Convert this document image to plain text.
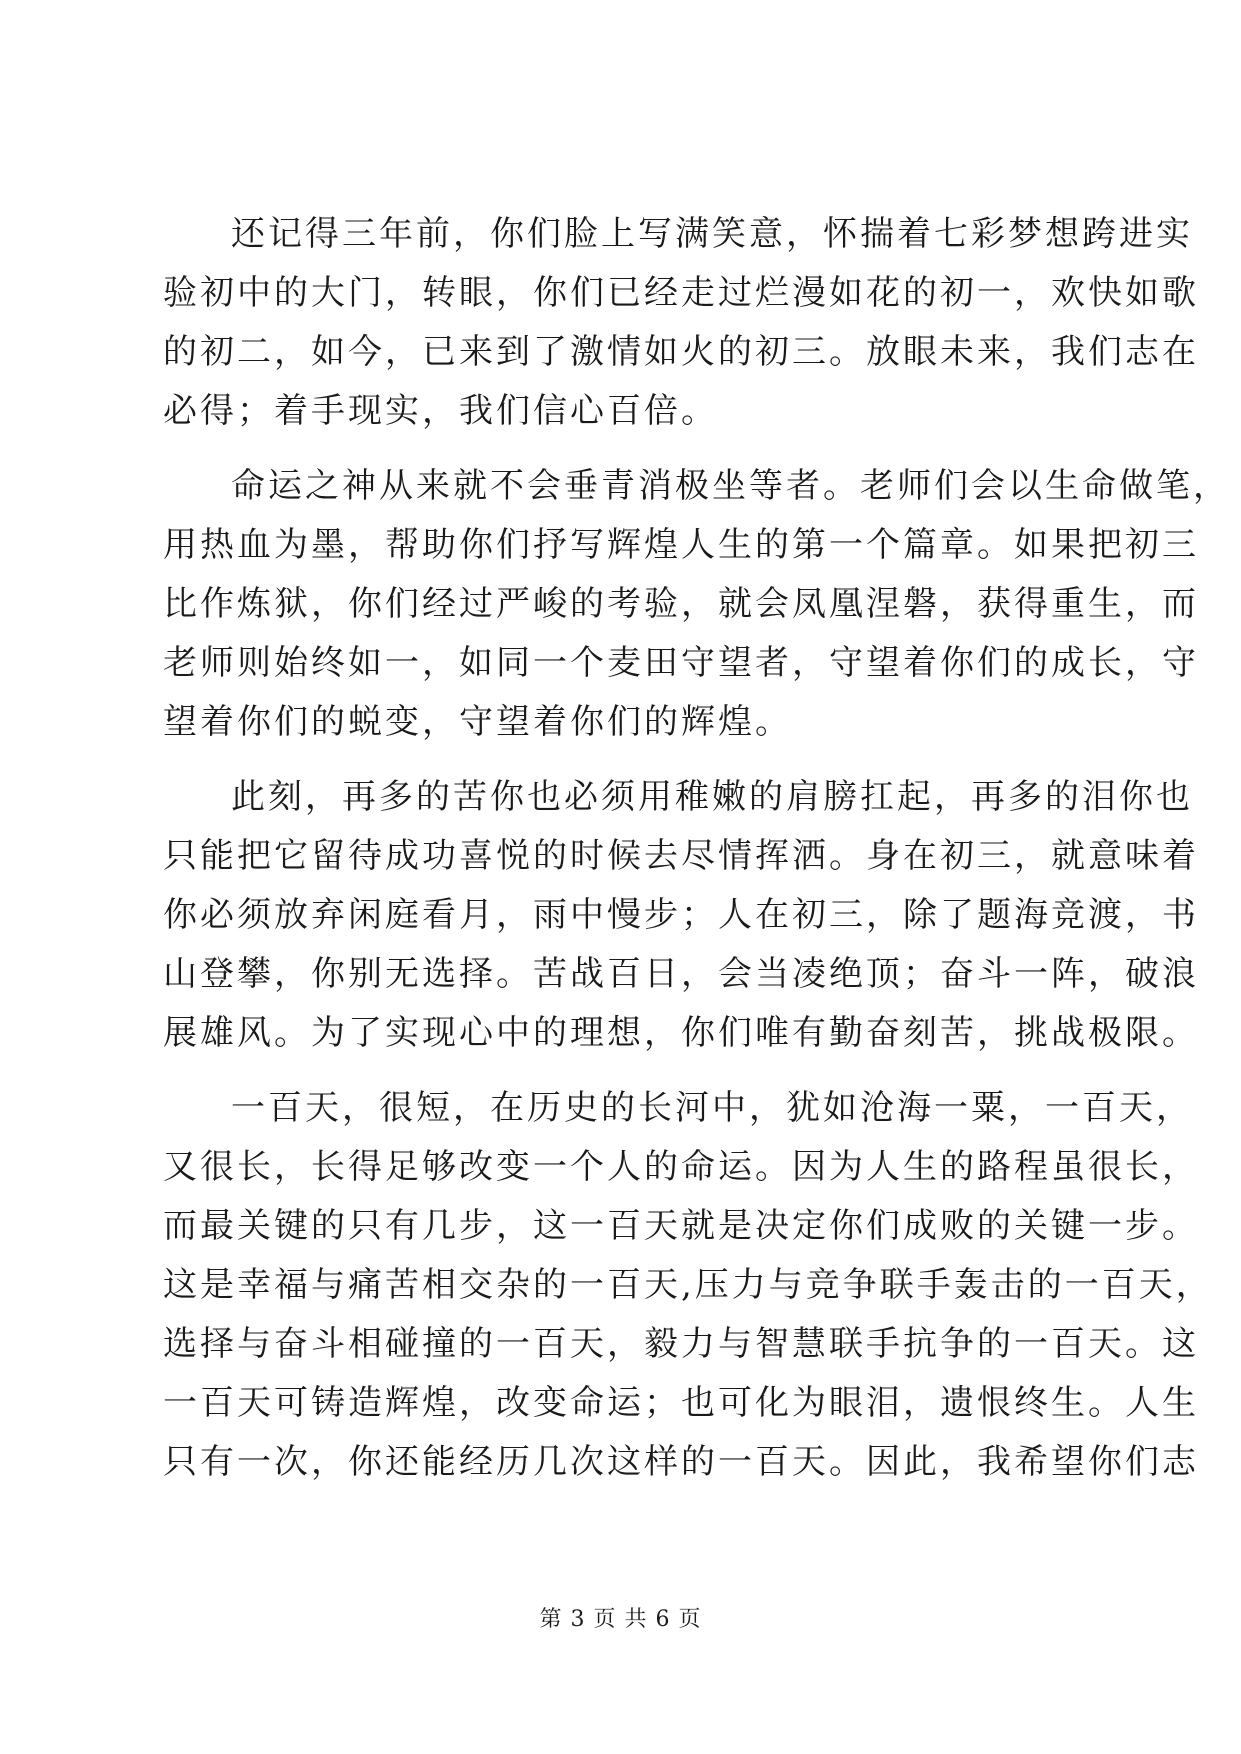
还记得三年前，你们脸上写满笑意，怀揣着七彩梦想跨进实
验初中的大门，转眼，你们已经走过烂漫如花的初一，欢快如歌
的初二，如今，已来到了激情如火的初三。放眼未来，我们志在
必得；着手现实，我们信心百倍。
命运之神从来就不会垂青消极坐等者。老师们会以生命做笔，
用热血为墨，帮助你们抒写辉煌人生的第一个篇章。如果把初三
比作炼狱，你们经过严峻的考验，就会凤凰涅磐，获得重生，而
老师则始终如一，如同一个麦田守望者，守望着你们的成长，守
望着你们的蜕变，守望着你们的辉煌。
此刻，再多的苦你也必须用稚嫩的肩膀扛起，再多的泪你也
只能把它留待成功喜悦的时候去尽情挥洒。身在初三，就意味着
你必须放弃闲庭看月，雨中慢步；人在初三，除了题海竞渡，书
山登攀，你别无选择。苦战百日，会当凌绝顶；奋斗一阵，破浪
展雄风。为了实现心中的理想，你们唯有勤奋刻苦，挑战极限。
一百天，很短，在历史的长河中，犹如沧海一粟，一百天，
又很长，长得足够改变一个人的命运。因为人生的路程虽很长，
而最关键的只有几步，这一百天就是决定你们成败的关键一步。
这是幸福与痛苦相交杂的一百天,压力与竞争联手轰击的一百天，
选择与奋斗相碰撞的一百天，毅力与智慧联手抗争的一百天。这
一百天可铸造辉煌，改变命运；也可化为眼泪，遗恨终生。人生
只有一次，你还能经历几次这样的一百天。因此，我希望你们志
第 3 页 共 6 页
